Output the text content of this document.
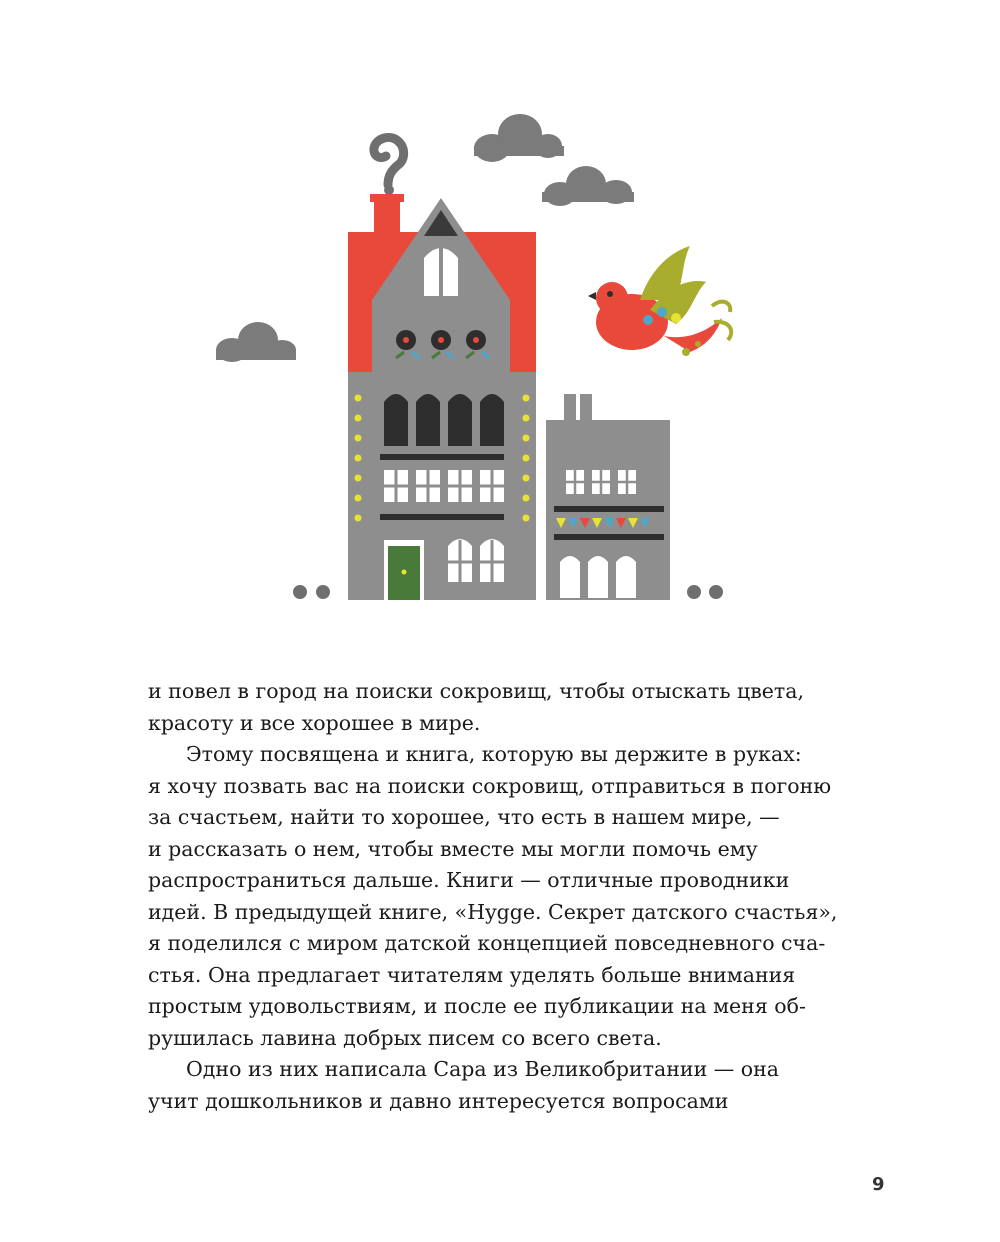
и повел в город на поиски сокровищ, чтобы отыскать цвета,
красоту и все хорошее в мире.
Этому посвящена и книга, которую вы держите в руках:
я хочу позвать вас на поиски сокровищ, отправиться в погоню
за счастьем, найти то хорошее, что есть в нашем мире, —
и рассказать о нем, чтобы вместе мы могли помочь ему
распространиться дальше. Книги — отличные проводники
идей. В предыдущей книге, «Hygge. Секрет датского счастья»,
я поделился с миром датской концепцией повседневного сча-
стья. Она предлагает читателям уделять больше внимания
простым удовольствиям, и после ее публикации на меня об-
рушилась лавина добрых писем со всего света.
Одно из них написала Сара из Великобритании — она
учит дошкольников и давно интересуется вопросами
9
